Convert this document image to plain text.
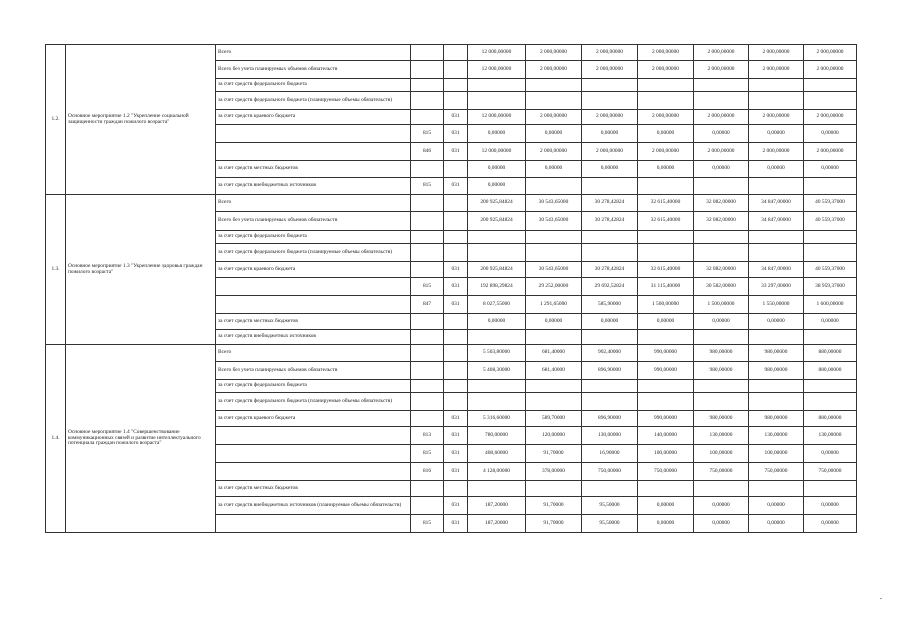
1.2.	Основное мероприятие 1.2 "Укрепление социальной защищенности граждан пожилого возраста"	Всего			12 000,00000	2 000,00000	2 000,00000	2 000,00000	2 000,00000	2 000,00000	2 000,00000
		Всего без учета планируемых объемов обязательств			12 000,00000	2 000,00000	2 000,00000	2 000,00000	2 000,00000	2 000,00000	2 000,00000
		за счет средств федерального бюджета									
		за счет средств федерального бюджета (планируемые объемы обязательств)									
		за счет средств краевого бюджета		031	12 000,00000	2 000,00000	2 000,00000	2 000,00000	2 000,00000	2 000,00000	2 000,00000
			815	031	0,00000	0,00000	0,00000	0,00000	0,00000	0,00000	0,00000
			846	031	12 000,00000	2 000,00000	2 000,00000	2 000,00000	2 000,00000	2 000,00000	2 000,00000
		за счет средств местных бюджетов			0,00000	0,00000	0,00000	0,00000	0,00000	0,00000	0,00000
		за счет средств внебюджетных источников	815	031	0,00000						
1.3.	Основное мероприятие 1.3 "Укрепление здоровья граждан пожилого возраста"	Всего			200 925,84824	30 543,65000	30 278,42824	32 615,40000	32 082,00000	34 847,00000	40 559,37000
		Всего без учета планируемых объемов обязательств			200 925,84824	30 543,65000	30 278,42824	32 615,40000	32 082,00000	34 847,00000	40 559,37000
		за счет средств федерального бюджета									
		за счет средств федерального бюджета (планируемые объемы обязательств)									
		за счет средств краевого бюджета		031	200 925,84824	30 543,65000	30 278,42824	32 615,40000	32 082,00000	34 847,00000	40 559,37000
			815	031	192 898,29824	29 252,00000	29 692,52824	31 115,40000	30 582,00000	33 297,00000	38 959,37000
			847	031	8 027,55000	1 291,65000	585,90000	1 500,00000	1 500,00000	1 550,00000	1 600,00000
		за счет средств местных бюджетов			0,00000	0,00000	0,00000	0,00000	0,00000	0,00000	0,00000
		за счет средств внебюджетных источников									
1.4.	Основное мероприятие 1.4 "Совершенствование коммуникационных связей и развитие интеллектуального потенциала граждан пожилого возраста"	Всего			5 503,80000	681,40000	902,40000	990,00000	980,00000	980,00000	880,00000
		Всего без учета планируемых объемов обязательств			5 408,30000	681,40000	896,90000	990,00000	980,00000	980,00000	880,00000
		за счет средств федерального бюджета									
		за счет средств федерального бюджета (планируемые объемы обязательств)									
		за счет средств краевого бюджета		031	5 316,60000	589,70000	896,90000	990,00000	980,00000	980,00000	880,00000
			813	031	780,00000	120,00000	130,00000	140,00000	130,00000	130,00000	130,00000
			815	031	408,60000	91,70000	16,90000	100,00000	100,00000	100,00000	0,00000
			816	031	4 128,00000	378,00000	750,00000	750,00000	750,00000	750,00000	750,00000
		за счет средств местных бюджетов									
		за счет средств внебюджетных источников (планируемые объемы обязательств)		031	187,20000	91,70000	95,50000	0,00000	0,00000	0,00000	0,00000
			815	031	187,20000	91,70000	95,50000	0,00000	0,00000	0,00000	0,00000
